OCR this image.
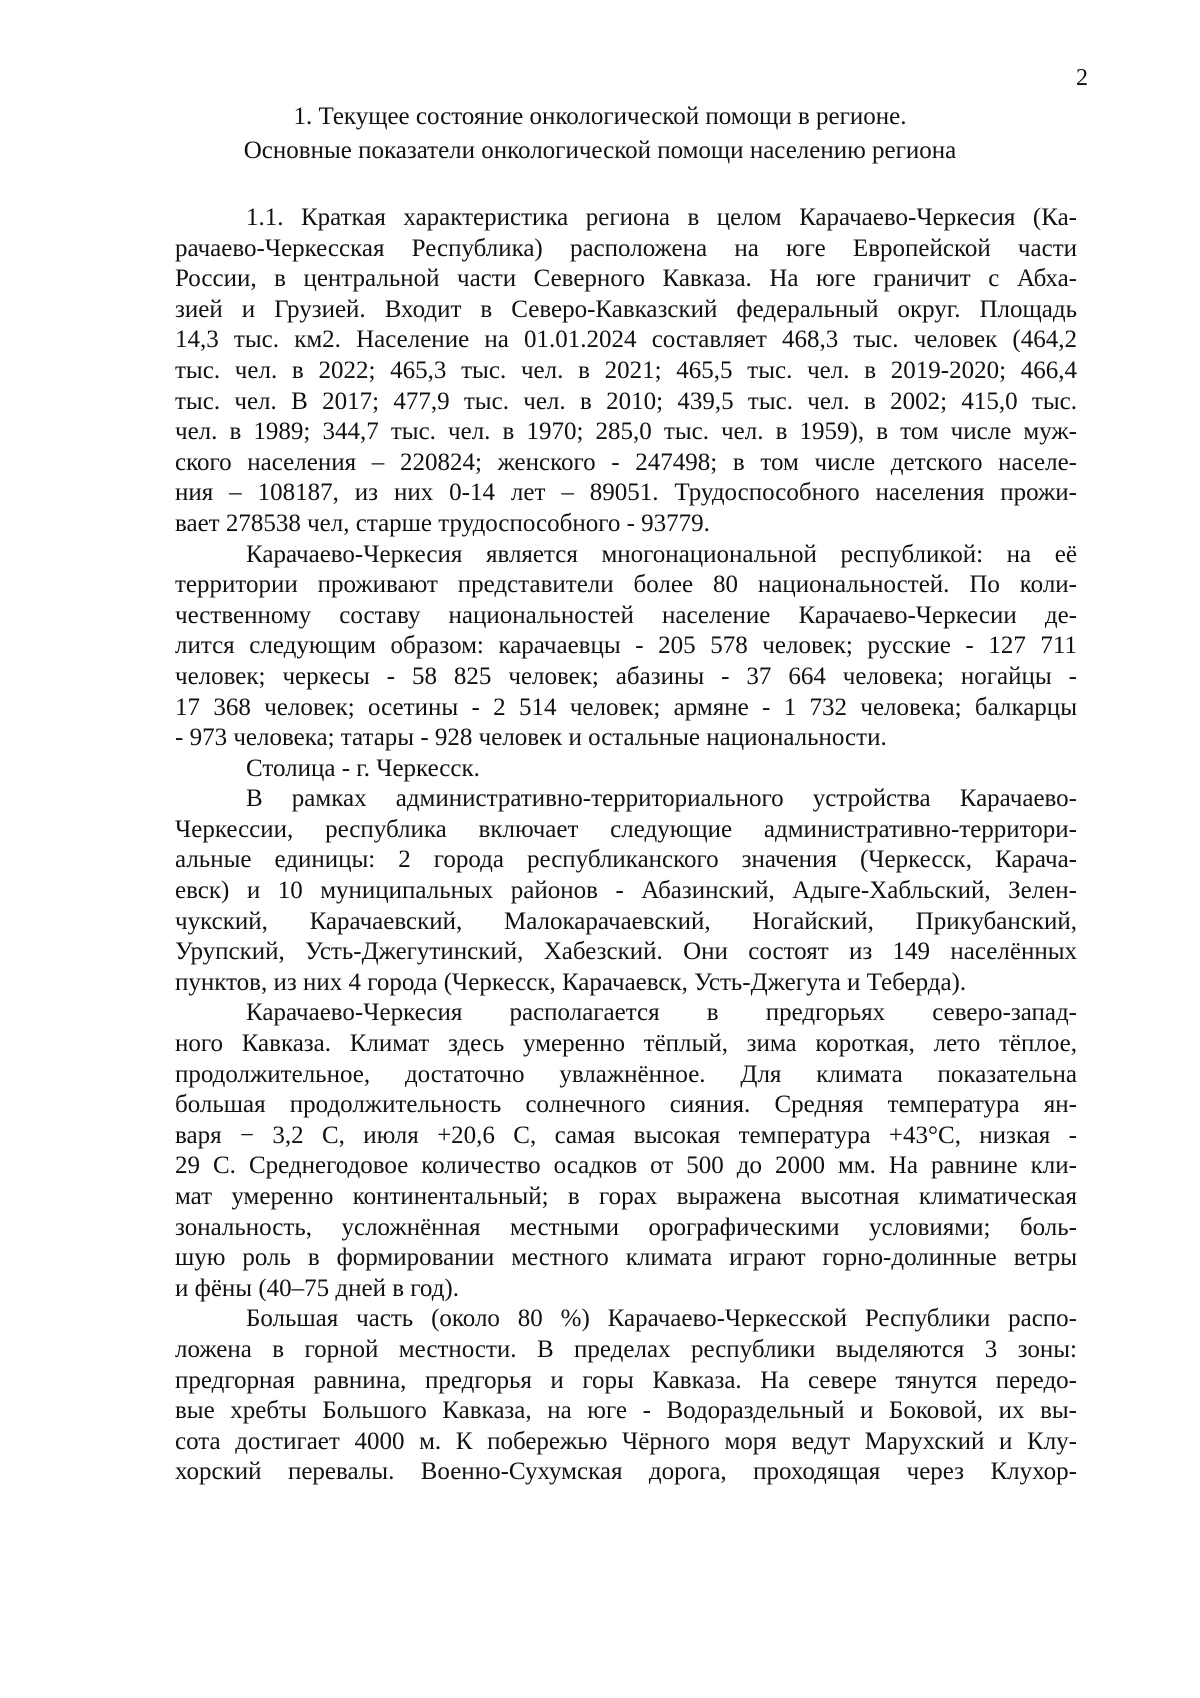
2
1. Текущее состояние онкологической помощи в регионе.
Основные показатели онкологической помощи населению региона
1.1. Краткая характеристика региона в целом Карачаево-Черкесия (Ка-
рачаево-Черкесская Республика) расположена на юге Европейской части
России, в центральной части Северного Кавказа. На юге граничит с Абха-
зией и Грузией. Входит в Северо-Кавказский федеральный округ. Площадь
14,3 тыс. км2. Население на 01.01.2024 составляет 468,3 тыс. человек (464,2
тыс. чел. в 2022; 465,3 тыс. чел. в 2021; 465,5 тыс. чел. в 2019-2020; 466,4
тыс. чел. В 2017; 477,9 тыс. чел. в 2010; 439,5 тыс. чел. в 2002; 415,0 тыс.
чел. в 1989; 344,7 тыс. чел. в 1970; 285,0 тыс. чел. в 1959), в том числе муж-
ского населения – 220824; женского - 247498; в том числе детского населе-
ния – 108187, из них 0-14 лет – 89051. Трудоспособного населения прожи-
вает 278538 чел, старше трудоспособного - 93779.
Карачаево-Черкесия является многонациональной республикой: на её
территории проживают представители более 80 национальностей. По коли-
чественному составу национальностей население Карачаево-Черкесии де-
лится следующим образом: карачаевцы - 205 578 человек; русские - 127 711
человек; черкесы - 58 825 человек; абазины - 37 664 человека; ногайцы -
17 368 человек; осетины - 2 514 человек; армяне - 1 732 человека; балкарцы
- 973 человека; татары - 928 человек и остальные национальности.
Столица - г. Черкесск.
В рамках административно-территориального устройства Карачаево-
Черкессии, республика включает следующие административно-территори-
альные единицы: 2 города республиканского значения (Черкесск, Карача-
евск) и 10 муниципальных районов - Абазинский, Адыге-Хабльский, Зелен-
чукский, Карачаевский, Малокарачаевский, Ногайский, Прикубанский,
Урупский, Усть-Джегутинский, Хабезский. Они состоят из 149 населённых
пунктов, из них 4 города (Черкесск, Карачаевск, Усть-Джегута и Теберда).
Карачаево-Черкесия располагается в предгорьях северо-запад-
ного Кавказа. Климат здесь умеренно тёплый, зима короткая, лето тёплое,
продолжительное, достаточно увлажнённое. Для климата показательна
большая продолжительность солнечного сияния. Средняя температура ян-
варя − 3,2 С, июля +20,6 С, самая высокая температура +43°С, низкая -
29 С. Среднегодовое количество осадков от 500 до 2000 мм. На равнине кли-
мат умеренно континентальный; в горах выражена высотная климатическая
зональность, усложнённая местными орографическими условиями; боль-
шую роль в формировании местного климата играют горно-долинные ветры
и фёны (40–75 дней в год).
Большая часть (около 80 %) Карачаево-Черкесской Республики распо-
ложена в горной местности. В пределах республики выделяются 3 зоны:
предгорная равнина, предгорья и горы Кавказа. На севере тянутся передо-
вые хребты Большого Кавказа, на юге - Водораздельный и Боковой, их вы-
сота достигает 4000 м. К побережью Чёрного моря ведут Марухский и Клу-
хорский перевалы. Военно-Сухумская дорога, проходящая через Клухор-
